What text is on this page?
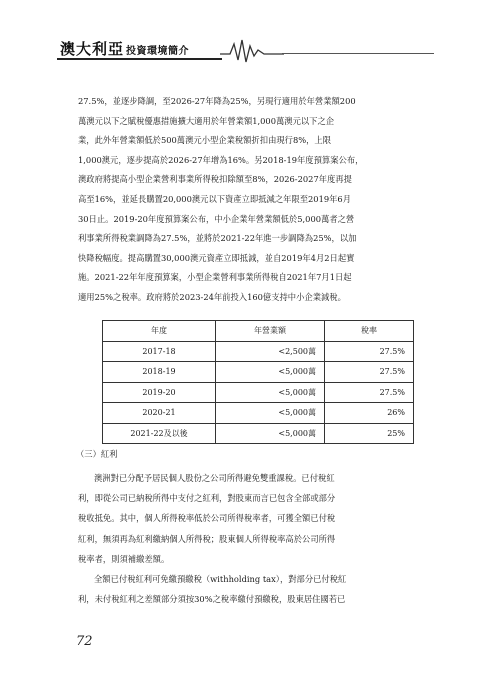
澳大利亞 投資環境簡介
27.5%，並逐步降調，至2026-27年降為25%，另現行適用於年營業額200
萬澳元以下之賦稅優惠措施擴大適用於年營業額1,000萬澳元以下之企
業，此外年營業額低於500萬澳元小型企業稅額折扣由現行8%，上限
1,000澳元，逐步提高於2026-27年增為16%。另2018-19年度預算案公布，
澳政府將提高小型企業營利事業所得稅扣除額至8%，2026-2027年度再提
高至16%，並延長購置20,000澳元以下資產立即抵減之年限至2019年6月
30日止。2019-20年度預算案公布，中小企業年營業額低於5,000萬者之營
利事業所得稅業調降為27.5%，並將於2021-22年進一步調降為25%，以加
快降稅幅度。提高購置30,000澳元資產立即抵減，並自2019年4月2日起實
施。2021-22年年度預算案，小型企業營利事業所得稅自2021年7月1日起
適用25%之稅率。政府將於2023-24年前投入160億支持中小企業減稅。
年度	年營業額	稅率
2017-18	<2,500萬	27.5%
2018-19	<5,000萬	27.5%
2019-20	<5,000萬	27.5%
2020-21	<5,000萬	26%
2021-22及以後	<5,000萬	25%
（三）紅利
澳洲對已分配予居民個人股份之公司所得避免雙重課稅。已付稅紅
利，即從公司已納稅所得中支付之紅利，對股東而言已包含全部或部分
稅收抵免。其中，個人所得稅率低於公司所得稅率者，可獲全額已付稅
紅利，無須再為紅利繳納個人所得稅；股東個人所得稅率高於公司所得
稅率者，則須補繳差額。
全額已付稅紅利可免繳預繳稅（withholding tax），對部分已付稅紅
利，未付稅紅利之差額部分須按30%之稅率繳付預繳稅，股東居住國若已
72
